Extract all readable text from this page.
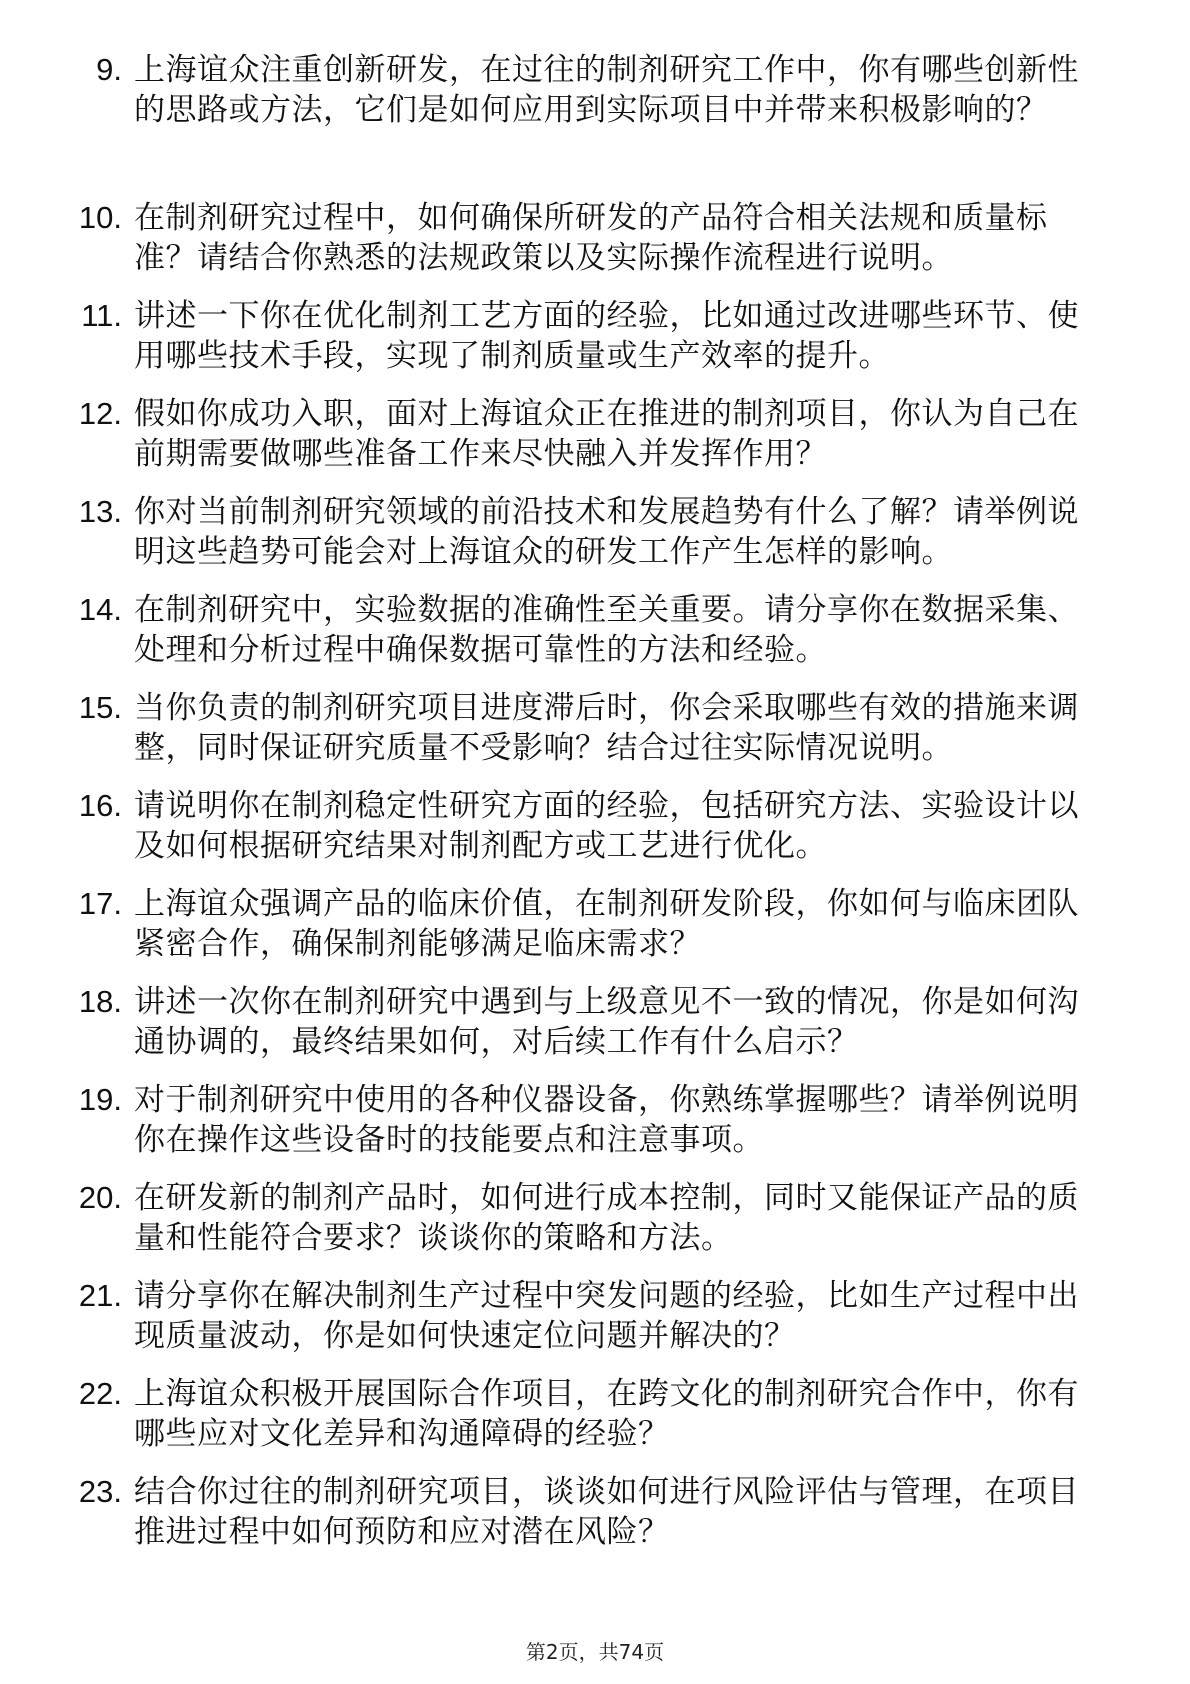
9. 上海谊众注重创新研发，在过往的制剂研究工作中，你有哪些创新性的思路或方法，它们是如何应用到实际项目中并带来积极影响的？
10. 在制剂研究过程中，如何确保所研发的产品符合相关法规和质量标准？请结合你熟悉的法规政策以及实际操作流程进行说明。
11. 讲述一下你在优化制剂工艺方面的经验，比如通过改进哪些环节、使用哪些技术手段，实现了制剂质量或生产效率的提升。
12. 假如你成功入职，面对上海谊众正在推进的制剂项目，你认为自己在前期需要做哪些准备工作来尽快融入并发挥作用？
13. 你对当前制剂研究领域的前沿技术和发展趋势有什么了解？请举例说明这些趋势可能会对上海谊众的研发工作产生怎样的影响。
14. 在制剂研究中，实验数据的准确性至关重要。请分享你在数据采集、处理和分析过程中确保数据可靠性的方法和经验。
15. 当你负责的制剂研究项目进度滞后时，你会采取哪些有效的措施来调整，同时保证研究质量不受影响？结合过往实际情况说明。
16. 请说明你在制剂稳定性研究方面的经验，包括研究方法、实验设计以及如何根据研究结果对制剂配方或工艺进行优化。
17. 上海谊众强调产品的临床价值，在制剂研发阶段，你如何与临床团队紧密合作，确保制剂能够满足临床需求？
18. 讲述一次你在制剂研究中遇到与上级意见不一致的情况，你是如何沟通协调的，最终结果如何，对后续工作有什么启示？
19. 对于制剂研究中使用的各种仪器设备，你熟练掌握哪些？请举例说明你在操作这些设备时的技能要点和注意事项。
20. 在研发新的制剂产品时，如何进行成本控制，同时又能保证产品的质量和性能符合要求？谈谈你的策略和方法。
21. 请分享你在解决制剂生产过程中突发问题的经验，比如生产过程中出现质量波动，你是如何快速定位问题并解决的？
22. 上海谊众积极开展国际合作项目，在跨文化的制剂研究合作中，你有哪些应对文化差异和沟通障碍的经验？
23. 结合你过往的制剂研究项目，谈谈如何进行风险评估与管理，在项目推进过程中如何预防和应对潜在风险？
第2页，共74页
